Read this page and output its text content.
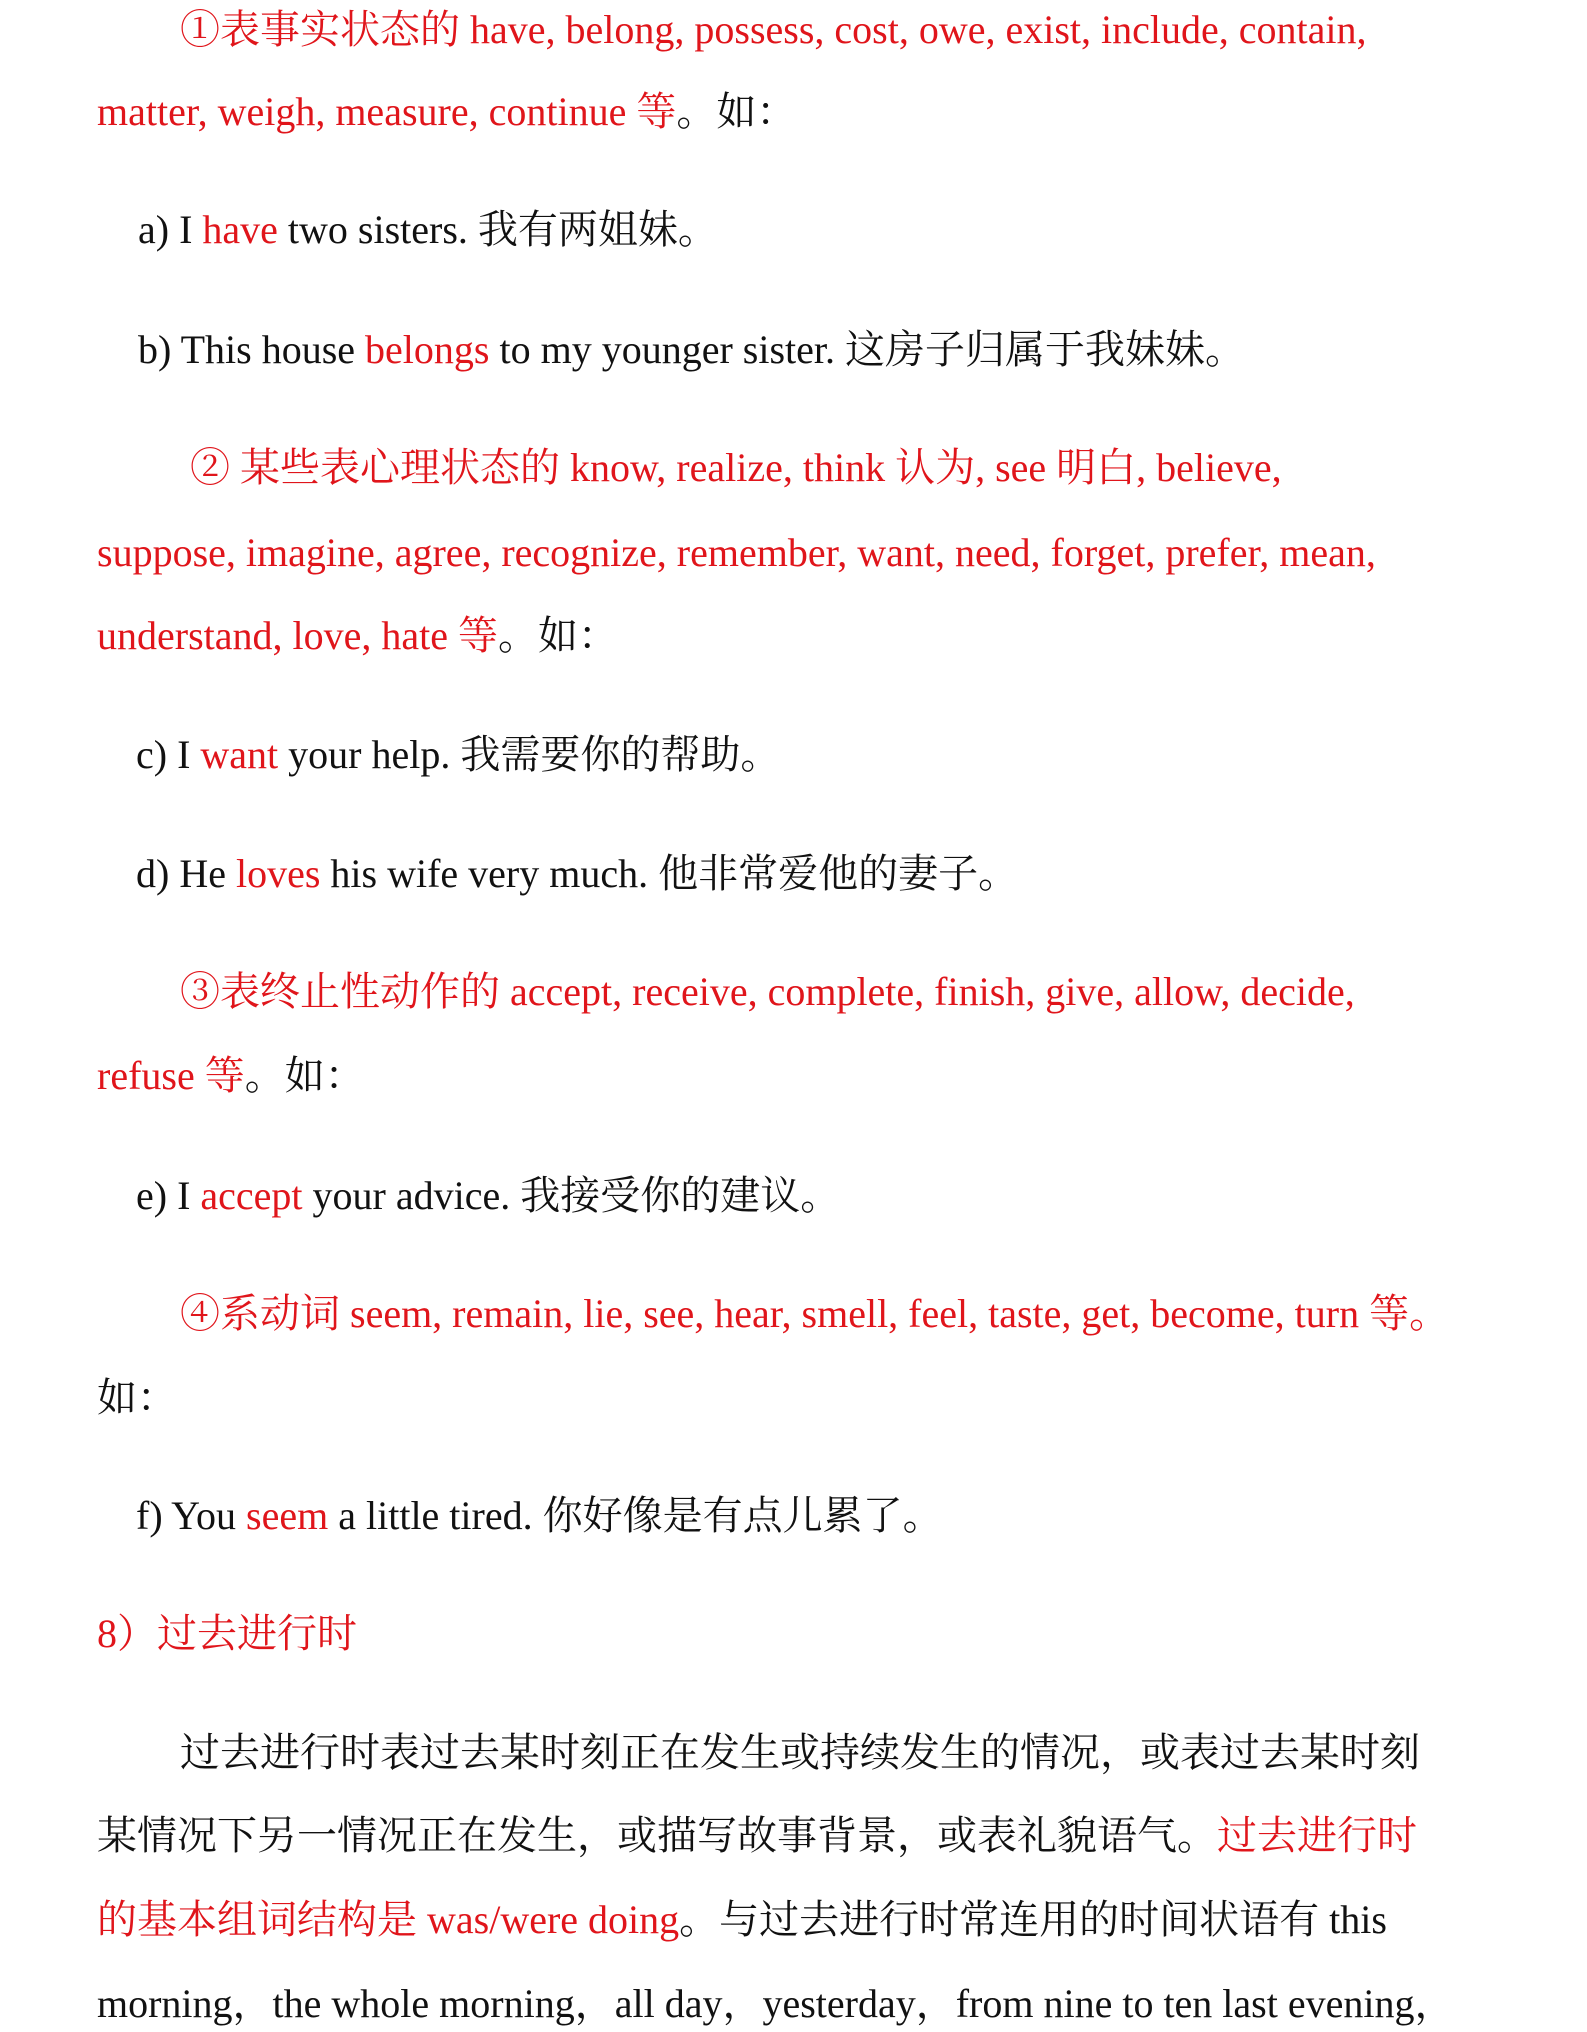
①表事实状态的 have, belong, possess, cost, owe, exist, include, contain,
matter, weigh, measure, continue 等。如：
a) I have two sisters. 我有两姐妹。
b) This house belongs to my younger sister. 这房子归属于我妹妹。
② 某些表心理状态的 know, realize, think 认为, see 明白, believe,
suppose, imagine, agree, recognize, remember, want, need, forget, prefer, mean,
understand, love, hate 等。如：
c) I want your help. 我需要你的帮助。
d) He loves his wife very much. 他非常爱他的妻子。
③表终止性动作的 accept, receive, complete, finish, give, allow, decide,
refuse 等。如：
e) I accept your advice. 我接受你的建议。
④系动词 seem, remain, lie, see, hear, smell, feel, taste, get, become, turn 等。
如：
f) You seem a little tired. 你好像是有点儿累了。
8）过去进行时
过去进行时表过去某时刻正在发生或持续发生的情况，或表过去某时刻
某情况下另一情况正在发生，或描写故事背景，或表礼貌语气。过去进行时
的基本组词结构是 was/were doing。与过去进行时常连用的时间状语有 this
morning，the whole morning，all day，yesterday，from nine to ten last evening，
